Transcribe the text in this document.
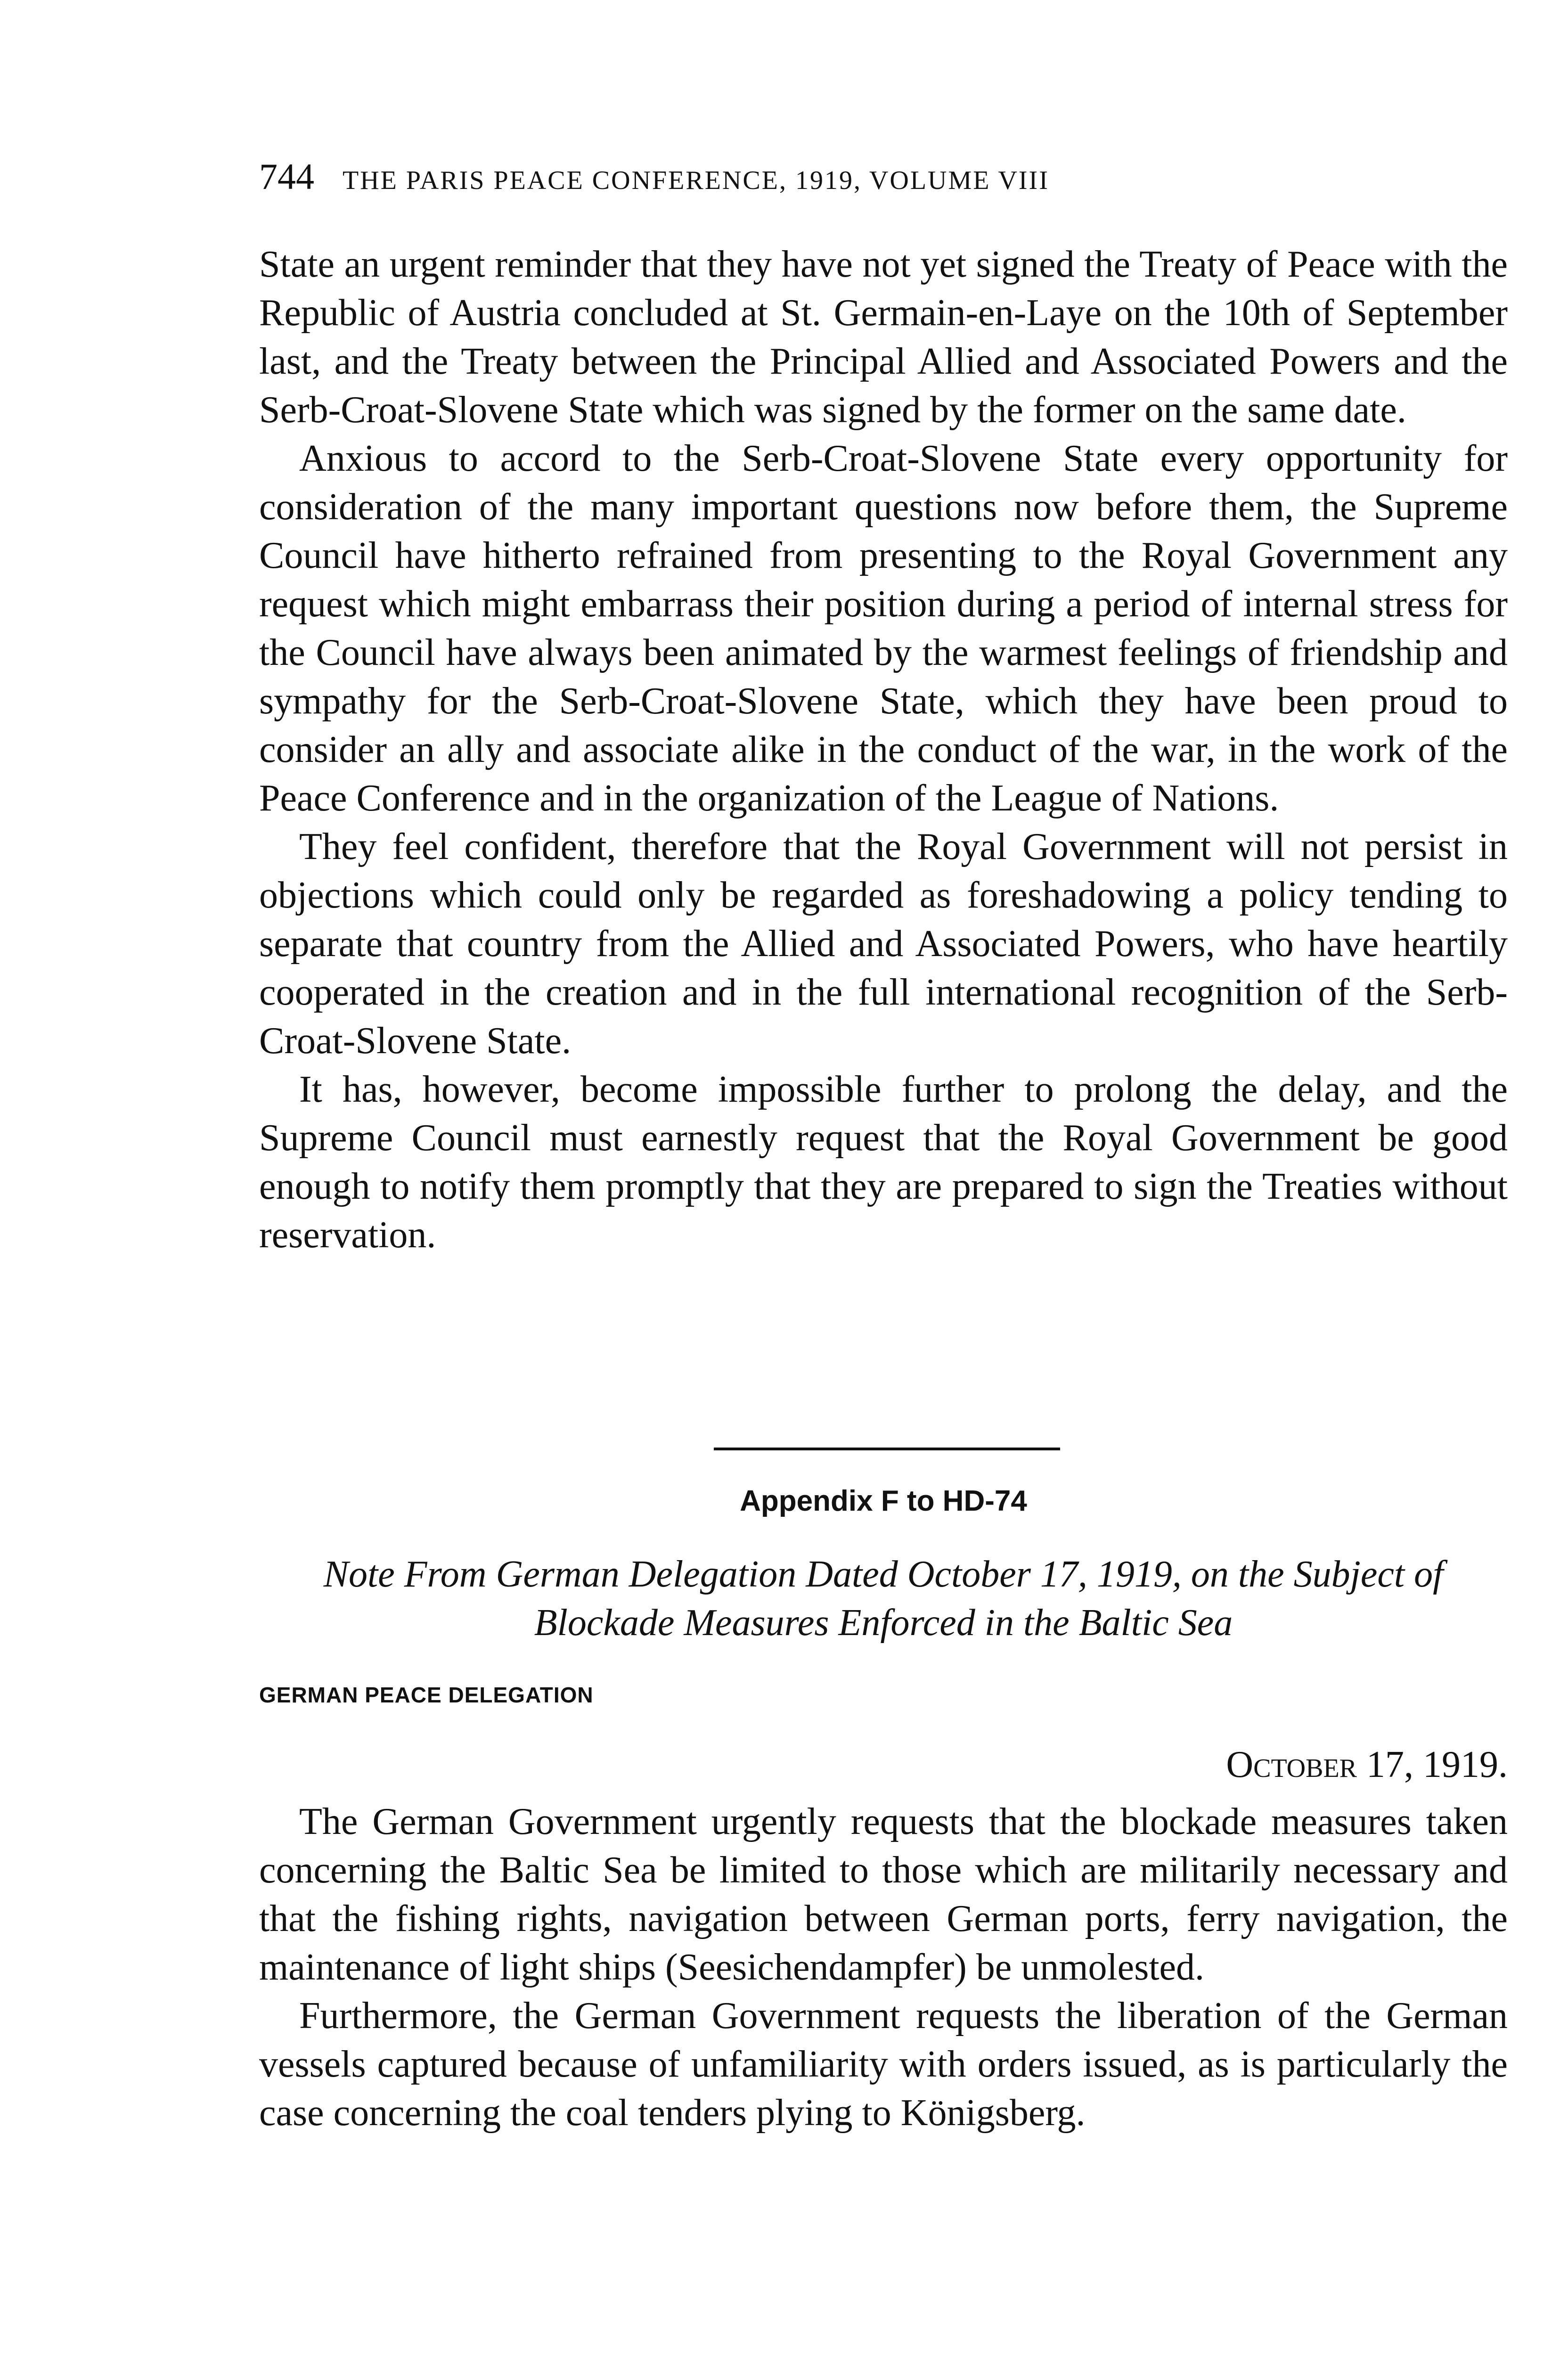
744 THE PARIS PEACE CONFERENCE, 1919, VOLUME VIII

State an urgent reminder that they have not yet signed the Treaty of Peace with the Republic of Austria concluded at St. Germain-en-Laye on the 10th of September last, and the Treaty between the Principal Allied and Associated Powers and the Serb-Croat-Slovene State which was signed by the former on the same date.

Anxious to accord to the Serb-Croat-Slovene State every opportunity for consideration of the many important questions now before them, the Supreme Council have hitherto refrained from presenting to the Royal Government any request which might embarrass their position during a period of internal stress for the Council have always been animated by the warmest feelings of friendship and sympathy for the Serb-Croat-Slovene State, which they have been proud to consider an ally and associate alike in the conduct of the war, in the work of the Peace Conference and in the organization of the League of Nations.

They feel confident, therefore that the Royal Government will not persist in objections which could only be regarded as foreshadowing a policy tending to separate that country from the Allied and Associated Powers, who have heartily cooperated in the creation and in the full international recognition of the Serb-Croat-Slovene State.

It has, however, become impossible further to prolong the delay, and the Supreme Council must earnestly request that the Royal Government be good enough to notify them promptly that they are prepared to sign the Treaties without reservation.

Appendix F to HD-74
Note From German Delegation Dated October 17, 1919, on the Subject of Blockade Measures Enforced in the Baltic Sea
GERMAN PEACE DELEGATION
October 17, 1919.

The German Government urgently requests that the blockade measures taken concerning the Baltic Sea be limited to those which are militarily necessary and that the fishing rights, navigation between German ports, ferry navigation, the maintenance of light ships (Seesichendampfer) be unmolested.

Furthermore, the German Government requests the liberation of the German vessels captured because of unfamiliarity with orders issued, as is particularly the case concerning the coal tenders plying to Königsberg.
